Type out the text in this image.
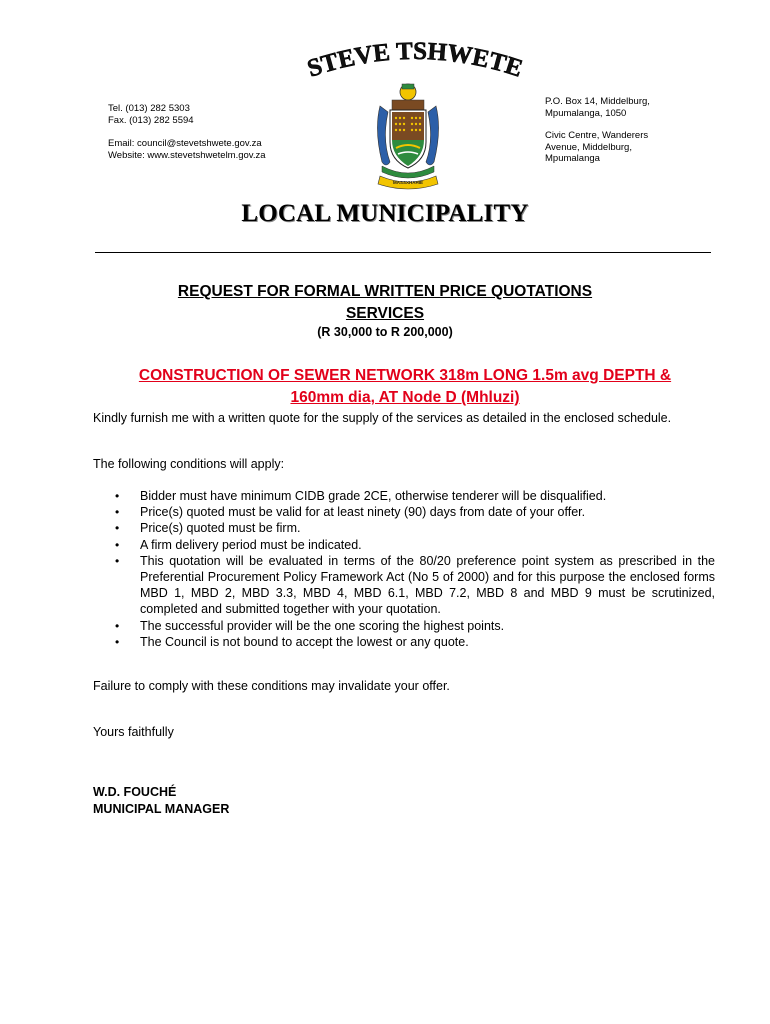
STEVE TSHWETE
MASSXHAHIE
Tel. (013) 282 5303
Fax. (013) 282 5594
Email: council@stevetshwete.gov.za
Website: www.stevetshwetelm.gov.za
P.O. Box 14, Middelburg,
Mpumalanga, 1050
Civic Centre, Wanderers
Avenue, Middelburg,
Mpumalanga
LOCAL MUNICIPALITY
REQUEST FOR FORMAL WRITTEN PRICE QUOTATIONS
SERVICES
(R 30,000 to R 200,000)
CONSTRUCTION OF SEWER NETWORK 318m LONG 1.5m avg DEPTH &
160mm dia, AT Node D (Mhluzi)
Kindly furnish me with a written quote for the supply of the services as detailed in the enclosed schedule.
The following conditions will apply:
• Bidder must have minimum CIDB grade 2CE, otherwise tenderer will be disqualified.
• Price(s) quoted must be valid for at least ninety (90) days from date of your offer.
• Price(s) quoted must be firm.
• A firm delivery period must be indicated.
• This quotation will be evaluated in terms of the 80/20 preference point system as prescribed in the Preferential Procurement Policy Framework Act (No 5 of 2000) and for this purpose the enclosed forms MBD 1, MBD 2, MBD 3.3, MBD 4, MBD 6.1, MBD 7.2, MBD 8 and MBD 9 must be scrutinized, completed and submitted together with your quotation.
• The successful provider will be the one scoring the highest points.
• The Council is not bound to accept the lowest or any quote.
Failure to comply with these conditions may invalidate your offer.
Yours faithfully
W.D. FOUCHÉ
MUNICIPAL MANAGER
